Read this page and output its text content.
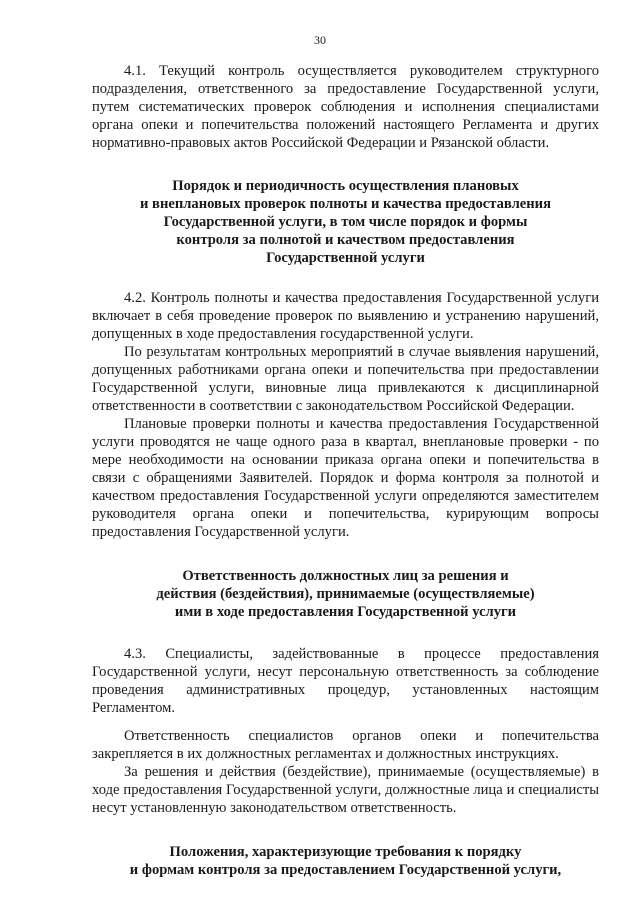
30

4.1. Текущий контроль осуществляется руководителем структурного подразделения, ответственного за предоставление Государственной услуги, путем систематических проверок соблюдения и исполнения специалистами органа опеки и попечительства положений настоящего Регламента и других нормативно-правовых актов Российской Федерации и Рязанской области.

Порядок и периодичность осуществления плановых
и внеплановых проверок полноты и качества предоставления
Государственной услуги, в том числе порядок и формы
контроля за полнотой и качеством предоставления
Государственной услуги

4.2. Контроль полноты и качества предоставления Государственной услуги включает в себя проведение проверок по выявлению и устранению нарушений, допущенных в ходе предоставления государственной услуги.

По результатам контрольных мероприятий в случае выявления нарушений, допущенных работниками органа опеки и попечительства при предоставлении Государственной услуги, виновные лица привлекаются к дисциплинарной ответственности в соответствии с законодательством Российской Федерации.

Плановые проверки полноты и качества предоставления Государственной услуги проводятся не чаще одного раза в квартал, внеплановые проверки - по мере необходимости на основании приказа органа опеки и попечительства в связи с обращениями Заявителей. Порядок и форма контроля за полнотой и качеством предоставления Государственной услуги определяются заместителем руководителя органа опеки и попечительства, курирующим вопросы предоставления Государственной услуги.

Ответственность должностных лиц за решения и
действия (бездействия), принимаемые (осуществляемые)
ими в ходе предоставления Государственной услуги

4.3. Специалисты, задействованные в процессе предоставления Государственной услуги, несут персональную ответственность за соблюдение проведения административных процедур, установленных настоящим Регламентом.

Ответственность специалистов органов опеки и попечительства закрепляется в их должностных регламентах и должностных инструкциях.

За решения и действия (бездействие), принимаемые (осуществляемые) в ходе предоставления Государственной услуги, должностные лица и специалисты несут установленную законодательством ответственность.

Положения, характеризующие требования к порядку
и формам контроля за предоставлением Государственной услуги,
